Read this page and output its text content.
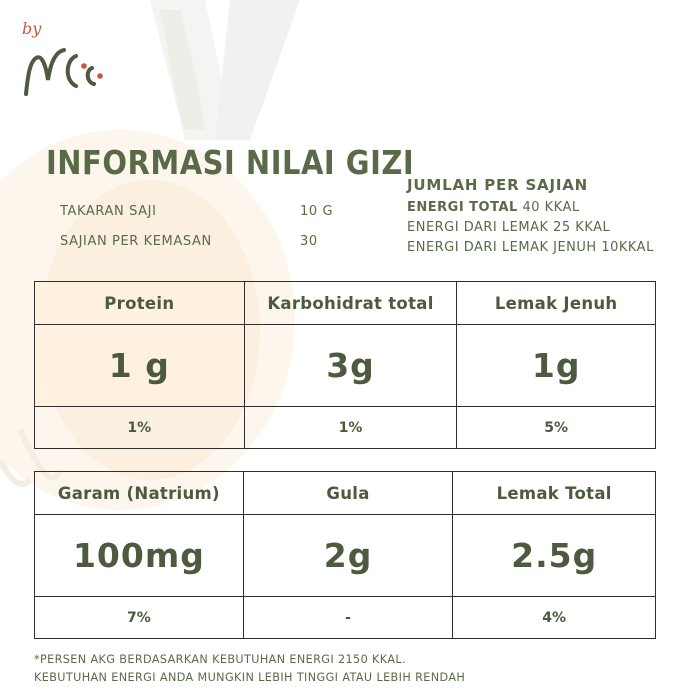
by
INFORMASI NILAI GIZI
TAKARAN SAJI	10 G
SAJIAN PER KEMASAN	30
JUMLAH PER SAJIAN
ENERGI TOTAL 40 KKAL
ENERGI DARI LEMAK 25 KKAL
ENERGI DARI LEMAK JENUH 10KKAL
Protein	Karbohidrat total	Lemak Jenuh
1 g	3g	1g
1%	1%	5%
Garam (Natrium)	Gula	Lemak Total
100mg	2g	2.5g
7%	-	4%
*PERSEN AKG BERDASARKAN KEBUTUHAN ENERGI 2150 KKAL.
KEBUTUHAN ENERGI ANDA MUNGKIN LEBIH TINGGI ATAU LEBIH RENDAH
